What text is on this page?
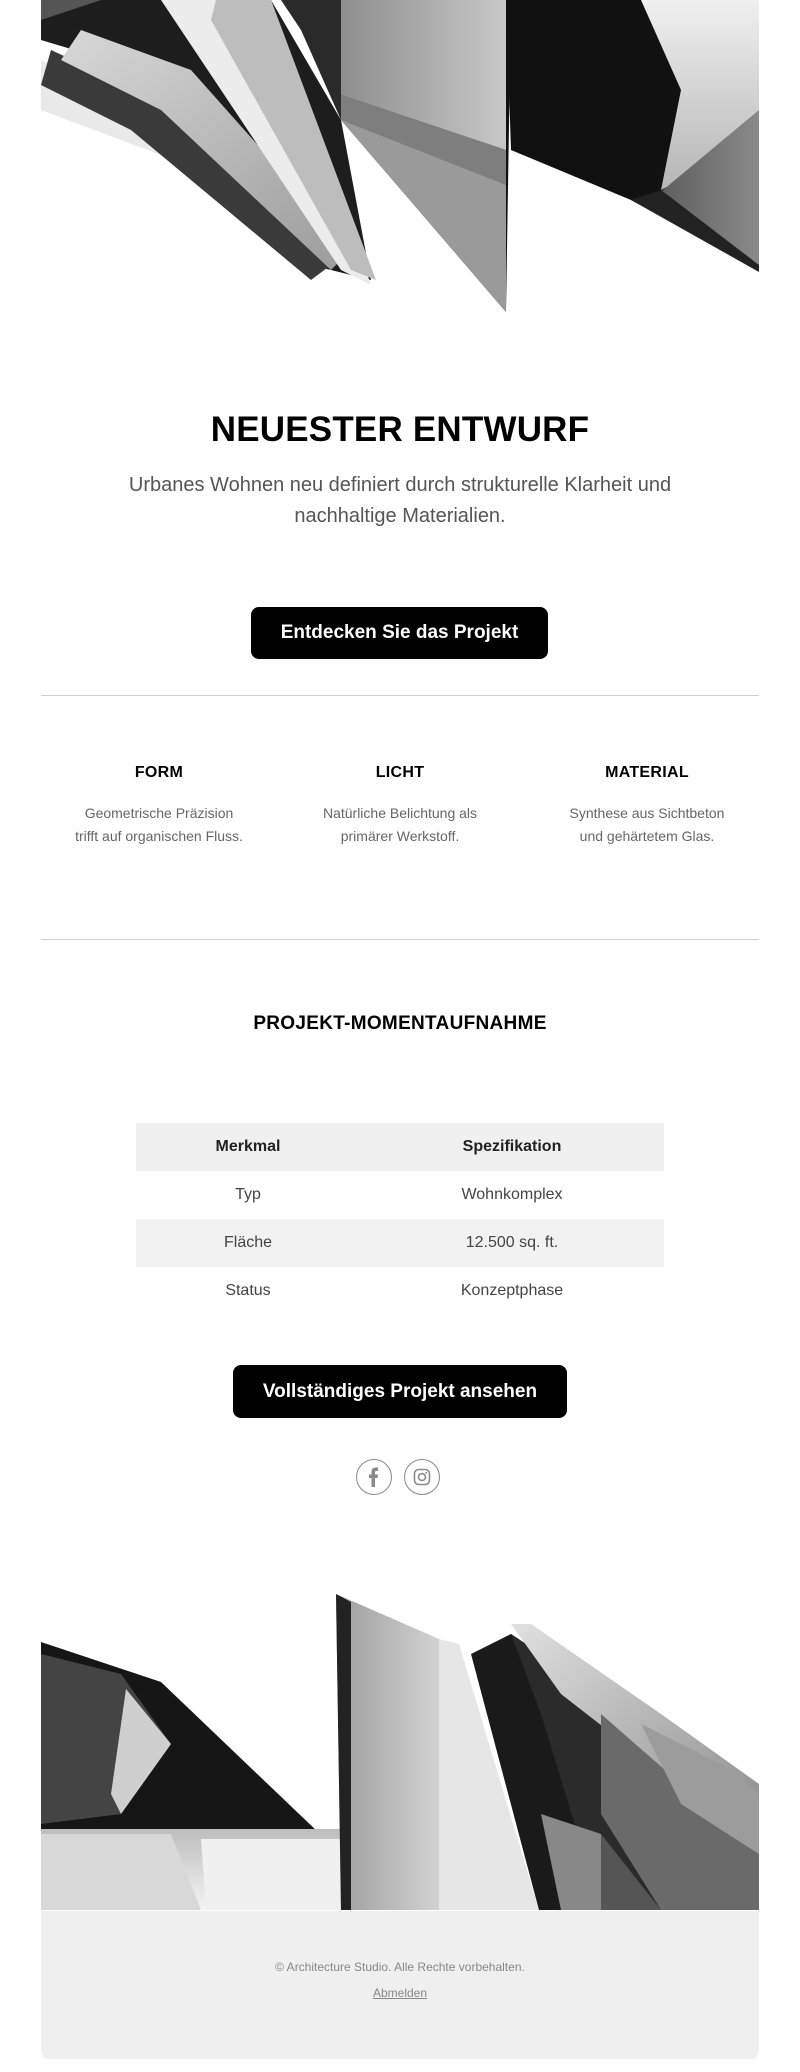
NEUESTER ENTWURF
Urbanes Wohnen neu definiert durch strukturelle Klarheit und nachhaltige Materialien.
Entdecken Sie das Projekt
FORM
Geometrische Präzision trifft auf organischen Fluss.
LICHT
Natürliche Belichtung als primärer Werkstoff.
MATERIAL
Synthese aus Sichtbeton und gehärtetem Glas.
PROJEKT-MOMENTAUFNAHME
Merkmal	Spezifikation
Typ	Wohnkomplex
Fläche	12.500 sq. ft.
Status	Konzeptphase
Vollständiges Projekt ansehen
© Architecture Studio. Alle Rechte vorbehalten.
Abmelden
